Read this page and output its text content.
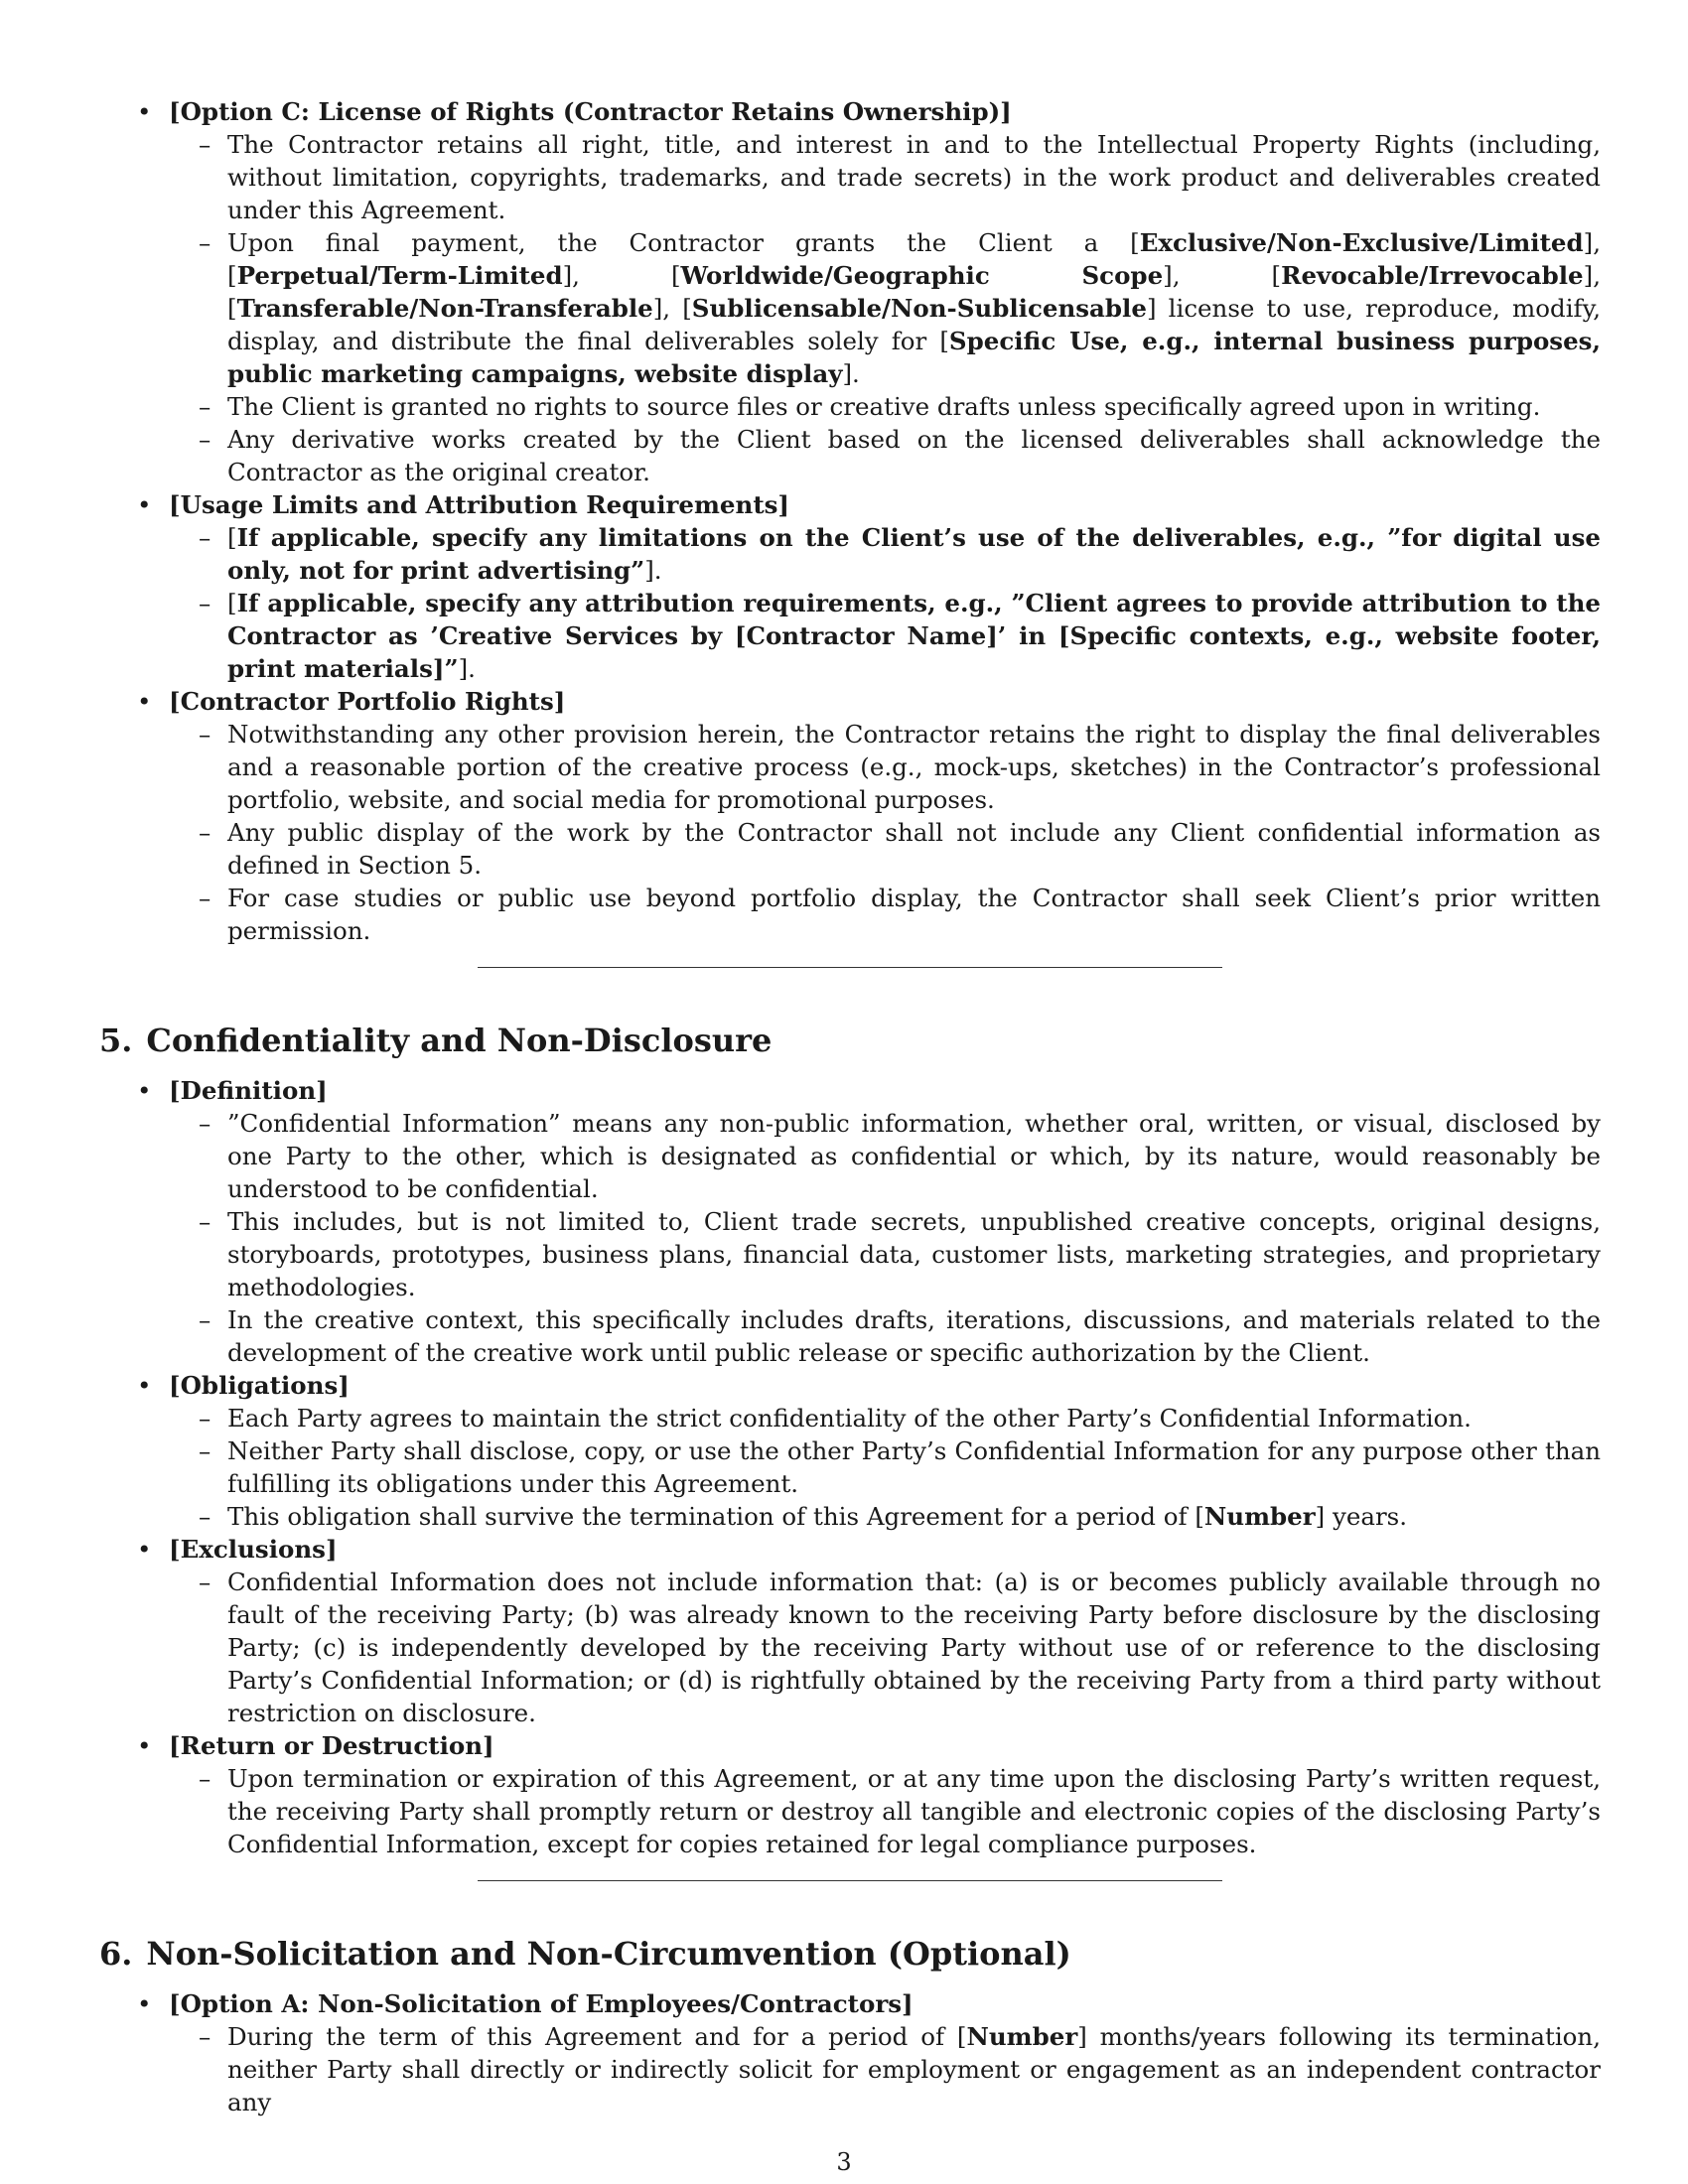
• [Option C: License of Rights (Contractor Retains Ownership)]
– The Contractor retains all right, title, and interest in and to the Intellectual Property Rights (including, without limitation, copyrights, trademarks, and trade secrets) in the work product and deliverables created under this Agreement.
– Upon final payment, the Contractor grants the Client a [Exclusive/Non-Exclusive/Limited], [Perpetual/Term-Limited], [Worldwide/Geographic Scope], [Revocable/Irrevocable], [Transferable/Non-Transferable], [Sublicensable/Non-Sublicensable] license to use, reproduce, modify, display, and distribute the final deliverables solely for [Specific Use, e.g., internal business purposes, public marketing campaigns, website display].
– The Client is granted no rights to source files or creative drafts unless specifically agreed upon in writing.
– Any derivative works created by the Client based on the licensed deliverables shall acknowledge the Contractor as the original creator.
• [Usage Limits and Attribution Requirements]
– [If applicable, specify any limitations on the Client’s use of the deliverables, e.g., ”for digital use only, not for print advertising”].
– [If applicable, specify any attribution requirements, e.g., ”Client agrees to provide attribution to the Contractor as ’Creative Services by [Contractor Name]’ in [Specific contexts, e.g., website footer, print materials]”].
• [Contractor Portfolio Rights]
– Notwithstanding any other provision herein, the Contractor retains the right to display the final deliverables and a reasonable portion of the creative process (e.g., mock-ups, sketches) in the Contractor’s professional portfolio, website, and social media for promotional purposes.
– Any public display of the work by the Contractor shall not include any Client confidential information as defined in Section 5.
– For case studies or public use beyond portfolio display, the Contractor shall seek Client’s prior written permission.
5. Confidentiality and Non-Disclosure
• [Definition]
– ”Confidential Information” means any non-public information, whether oral, written, or visual, disclosed by one Party to the other, which is designated as confidential or which, by its nature, would reasonably be understood to be confidential.
– This includes, but is not limited to, Client trade secrets, unpublished creative concepts, original designs, storyboards, prototypes, business plans, financial data, customer lists, marketing strategies, and proprietary methodologies.
– In the creative context, this specifically includes drafts, iterations, discussions, and materials related to the development of the creative work until public release or specific authorization by the Client.
• [Obligations]
– Each Party agrees to maintain the strict confidentiality of the other Party’s Confidential Information.
– Neither Party shall disclose, copy, or use the other Party’s Confidential Information for any purpose other than fulfilling its obligations under this Agreement.
– This obligation shall survive the termination of this Agreement for a period of [Number] years.
• [Exclusions]
– Confidential Information does not include information that: (a) is or becomes publicly available through no fault of the receiving Party; (b) was already known to the receiving Party before disclosure by the disclosing Party; (c) is independently developed by the receiving Party without use of or reference to the disclosing Party’s Confidential Information; or (d) is rightfully obtained by the receiving Party from a third party without restriction on disclosure.
• [Return or Destruction]
– Upon termination or expiration of this Agreement, or at any time upon the disclosing Party’s written request, the receiving Party shall promptly return or destroy all tangible and electronic copies of the disclosing Party’s Confidential Information, except for copies retained for legal compliance purposes.
6. Non-Solicitation and Non-Circumvention (Optional)
• [Option A: Non-Solicitation of Employees/Contractors]
– During the term of this Agreement and for a period of [Number] months/years following its termination, neither Party shall directly or indirectly solicit for employment or engagement as an independent contractor any
3
